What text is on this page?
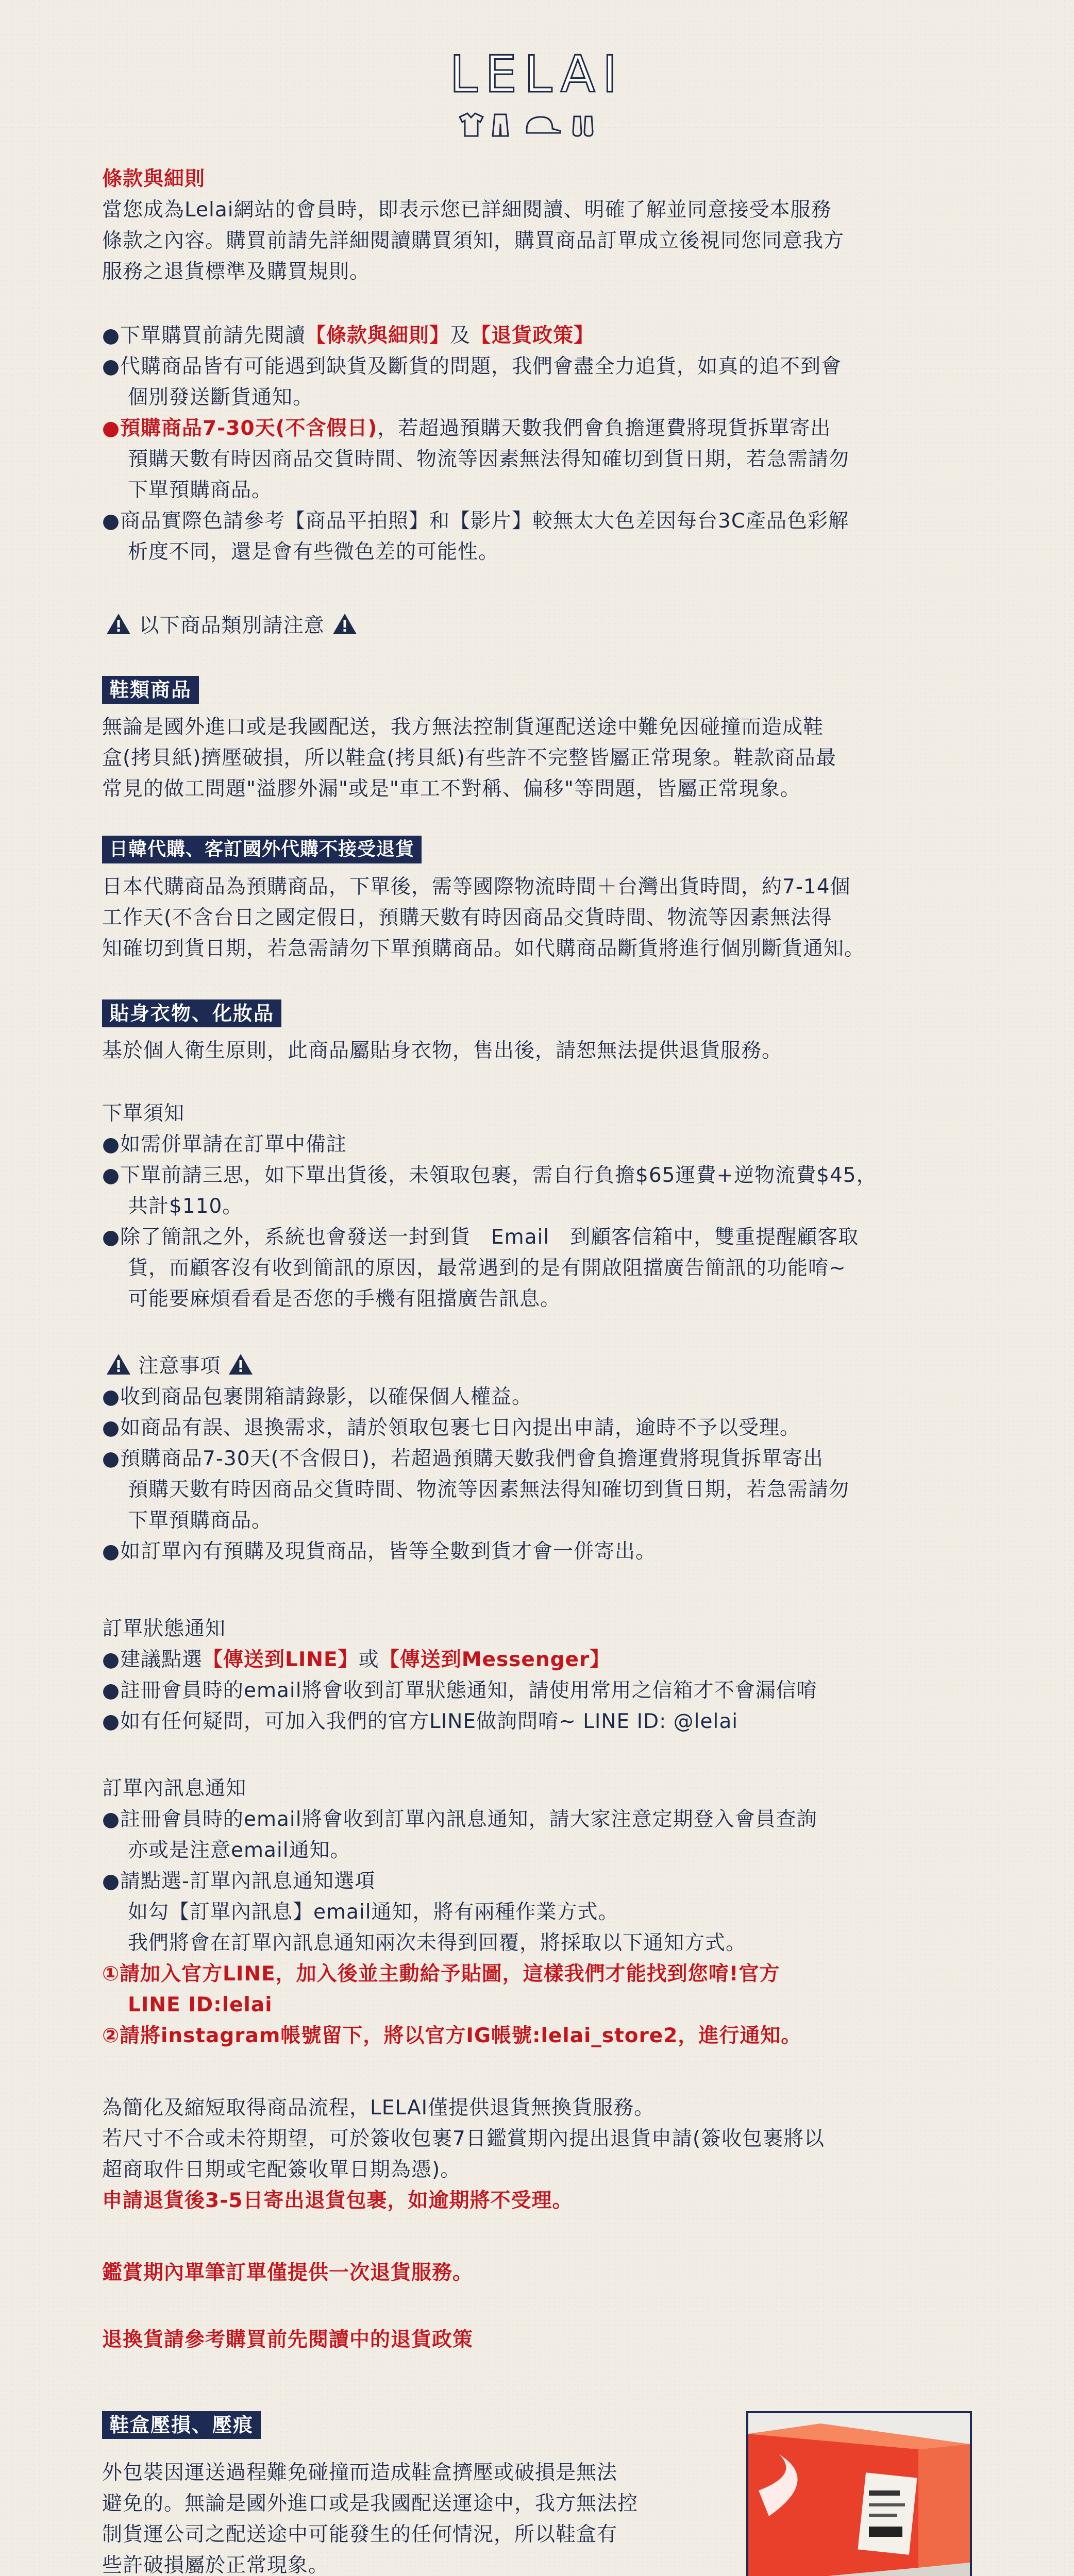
LELAI
條款與細則
當您成為Lelai網站的會員時，即表示您已詳細閱讀、明確了解並同意接受本服務
條款之內容。購買前請先詳細閱讀購買須知，購買商品訂單成立後視同您同意我方
服務之退貨標準及購買規則。
●下單購買前請先閱讀【條款與細則】及【退貨政策】
●代購商品皆有可能遇到缺貨及斷貨的問題，我們會盡全力追貨，如真的追不到會
個別發送斷貨通知。
●預購商品7-30天(不含假日)，若超過預購天數我們會負擔運費將現貨拆單寄出
預購天數有時因商品交貨時間、物流等因素無法得知確切到貨日期，若急需請勿
下單預購商品。
●商品實際色請參考【商品平拍照】和【影片】較無太大色差因每台3C產品色彩解
析度不同，還是會有些微色差的可能性。
以下商品類別請注意
鞋類商品
無論是國外進口或是我國配送，我方無法控制貨運配送途中難免因碰撞而造成鞋
盒(拷貝紙)擠壓破損，所以鞋盒(拷貝紙)有些許不完整皆屬正常現象。鞋款商品最
常見的做工問題"溢膠外漏"或是"車工不對稱、偏移"等問題，皆屬正常現象。
日韓代購、客訂國外代購不接受退貨
日本代購商品為預購商品，下單後，需等國際物流時間＋台灣出貨時間，約7-14個
工作天(不含台日之國定假日，預購天數有時因商品交貨時間、物流等因素無法得
知確切到貨日期，若急需請勿下單預購商品。如代購商品斷貨將進行個別斷貨通知。
貼身衣物、化妝品
基於個人衛生原則，此商品屬貼身衣物，售出後，請恕無法提供退貨服務。
下單須知
●如需併單請在訂單中備註
●下單前請三思，如下單出貨後，未領取包裹，需自行負擔$65運費+逆物流費$45，
共計$110。
●除了簡訊之外，系統也會發送一封到貨　Email　到顧客信箱中，雙重提醒顧客取
貨，而顧客沒有收到簡訊的原因，最常遇到的是有開啟阻擋廣告簡訊的功能唷~
可能要麻煩看看是否您的手機有阻擋廣告訊息。
注意事項
●收到商品包裹開箱請錄影，以確保個人權益。
●如商品有誤、退換需求，請於領取包裹七日內提出申請，逾時不予以受理。
●預購商品7-30天(不含假日)，若超過預購天數我們會負擔運費將現貨拆單寄出
預購天數有時因商品交貨時間、物流等因素無法得知確切到貨日期，若急需請勿
下單預購商品。
●如訂單內有預購及現貨商品，皆等全數到貨才會一併寄出。
訂單狀態通知
●建議點選【傳送到LINE】或【傳送到Messenger】
●註冊會員時的email將會收到訂單狀態通知，請使用常用之信箱才不會漏信唷
●如有任何疑問，可加入我們的官方LINE做詢問唷~ LINE ID: @lelai
訂單內訊息通知
●註冊會員時的email將會收到訂單內訊息通知，請大家注意定期登入會員查詢
亦或是注意email通知。
●請點選-訂單內訊息通知選項
如勾【訂單內訊息】email通知，將有兩種作業方式。
我們將會在訂單內訊息通知兩次未得到回覆，將採取以下通知方式。
①請加入官方LINE，加入後並主動給予貼圖，這樣我們才能找到您唷!官方
LINE ID:lelai
②請將instagram帳號留下，將以官方IG帳號:lelai_store2，進行通知。
為簡化及縮短取得商品流程，LELAI僅提供退貨無換貨服務。
若尺寸不合或未符期望，可於簽收包裹7日鑑賞期內提出退貨申請(簽收包裹將以
超商取件日期或宅配簽收單日期為憑)。
申請退貨後3-5日寄出退貨包裹，如逾期將不受理。
鑑賞期內單筆訂單僅提供一次退貨服務。
退換貨請參考購買前先閱讀中的退貨政策
鞋盒壓損、壓痕
外包裝因運送過程難免碰撞而造成鞋盒擠壓或破損是無法
避免的。無論是國外進口或是我國配送運途中，我方無法控
制貨運公司之配送途中可能發生的任何情況，所以鞋盒有
些許破損屬於正常現象。
